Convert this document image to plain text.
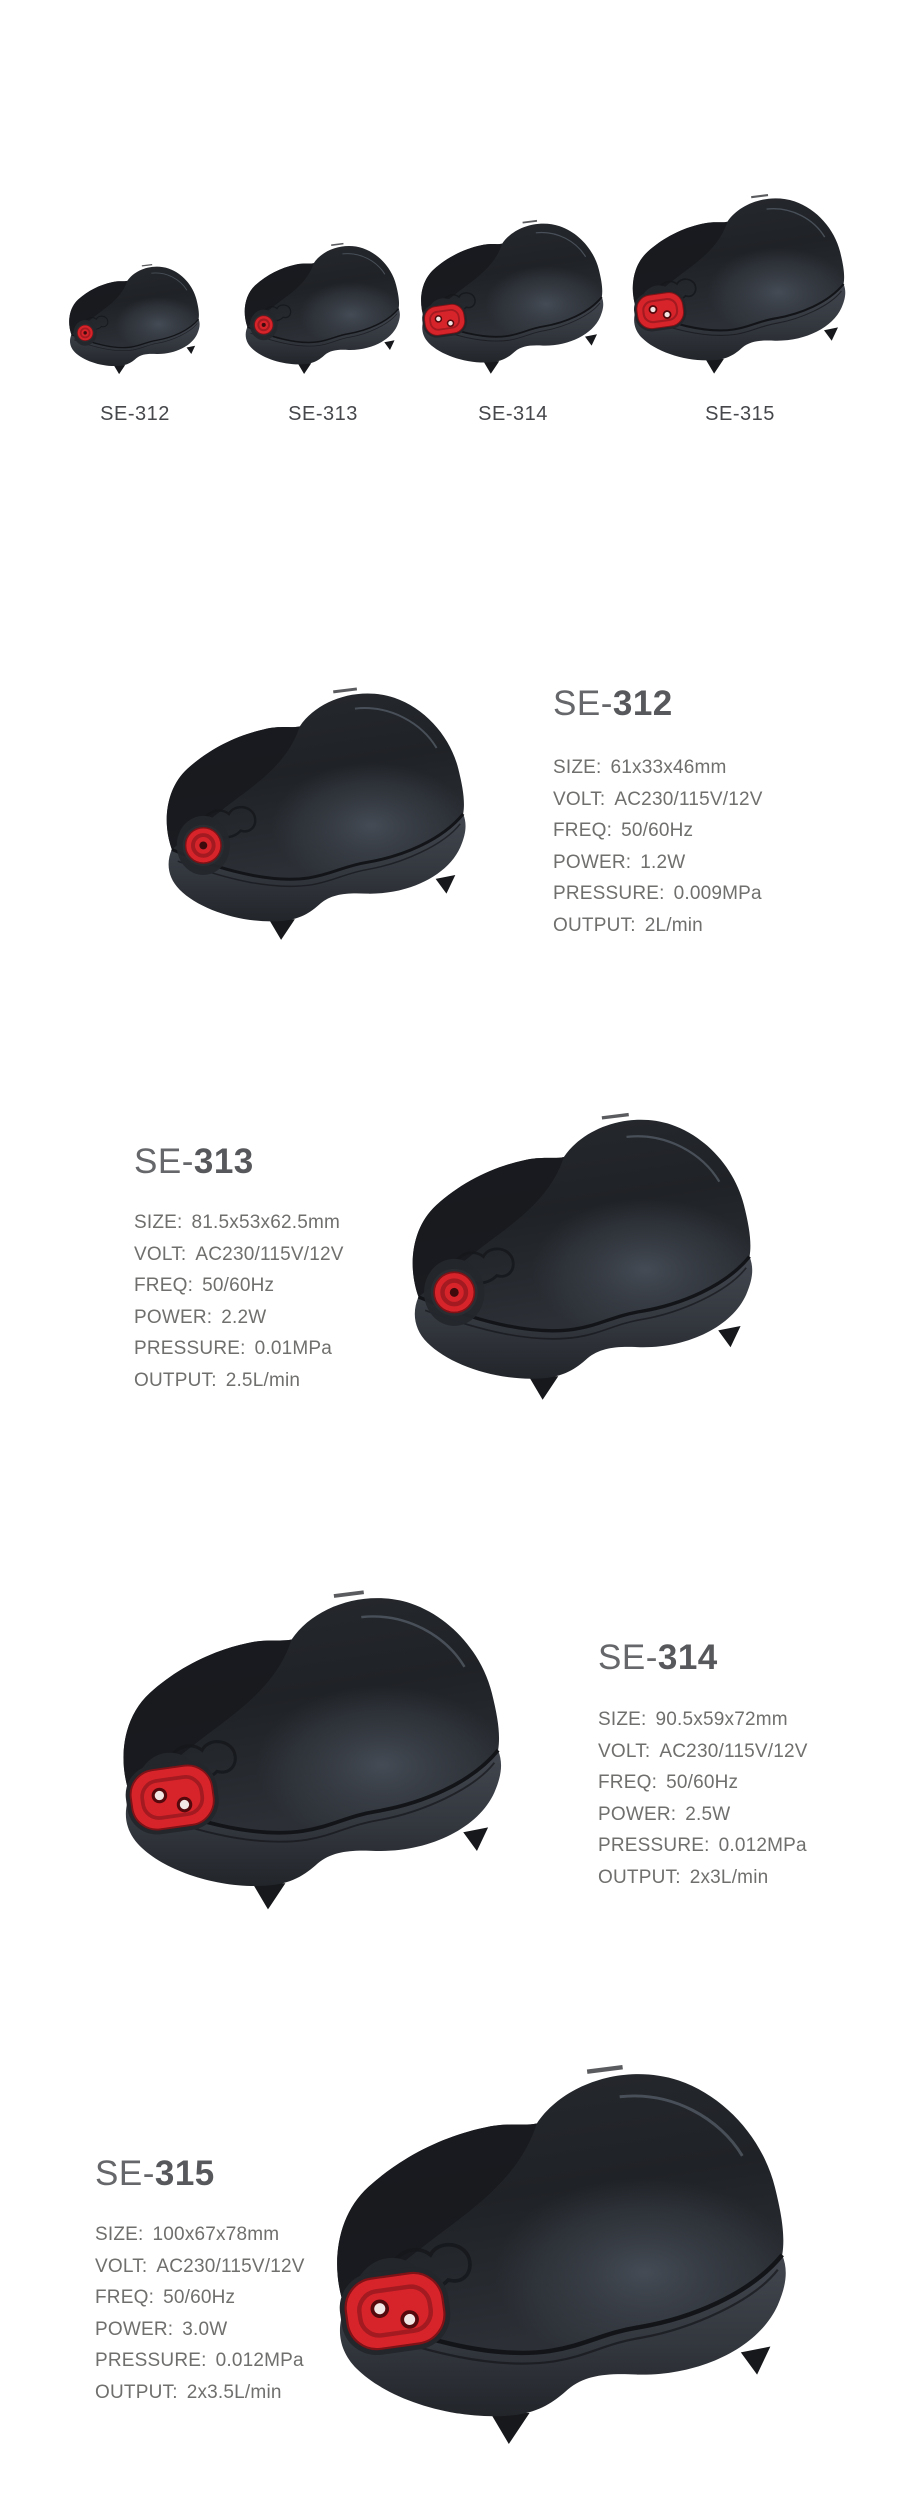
SE-312	SE-313	SE-314	SE-315
SE-312
SIZE: 61x33x46mm
VOLT: AC230/115V/12V
FREQ: 50/60Hz
POWER: 1.2W
PRESSURE: 0.009MPa
OUTPUT: 2L/min
SE-313
SIZE: 81.5x53x62.5mm
VOLT: AC230/115V/12V
FREQ: 50/60Hz
POWER: 2.2W
PRESSURE: 0.01MPa
OUTPUT: 2.5L/min
SE-314
SIZE: 90.5x59x72mm
VOLT: AC230/115V/12V
FREQ: 50/60Hz
POWER: 2.5W
PRESSURE: 0.012MPa
OUTPUT: 2x3L/min
SE-315
SIZE: 100x67x78mm
VOLT: AC230/115V/12V
FREQ: 50/60Hz
POWER: 3.0W
PRESSURE: 0.012MPa
OUTPUT: 2x3.5L/min
